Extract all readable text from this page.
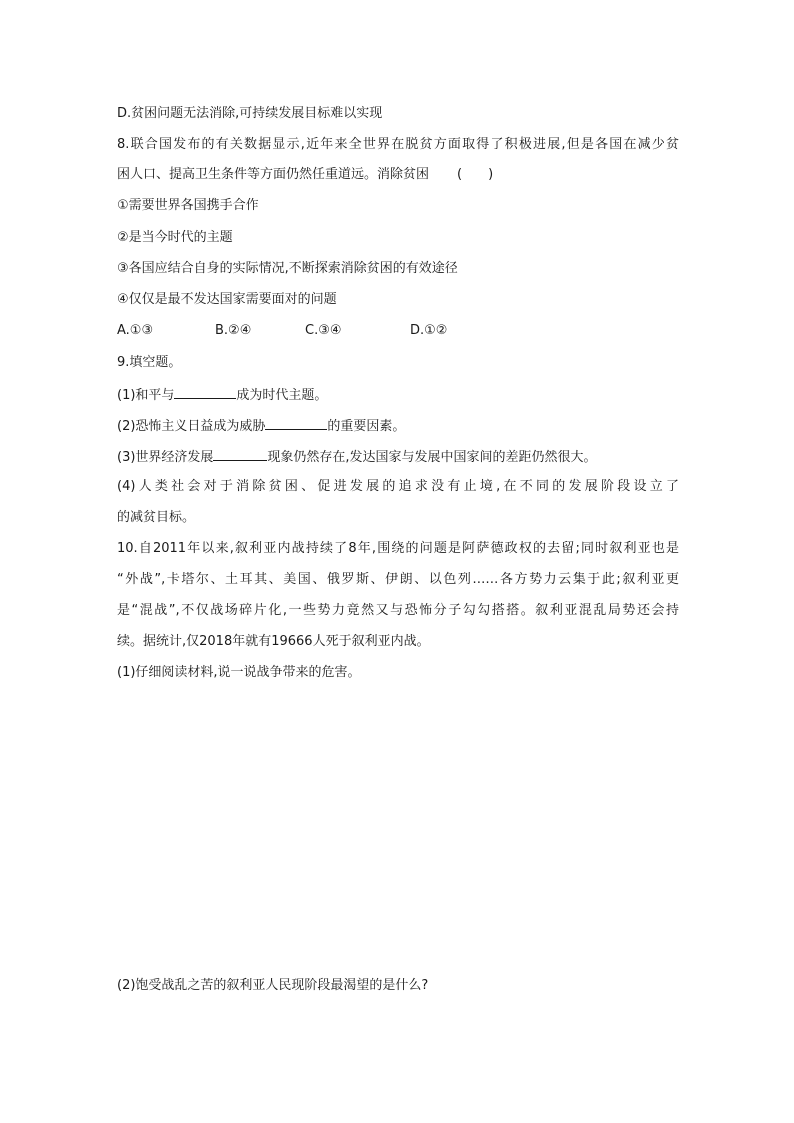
D.贫困问题无法消除,可持续发展目标难以实现
8.联合国发布的有关数据显示,近年来全世界在脱贫方面取得了积极进展,但是各国在减少贫
困人口、提高卫生条件等方面仍然任重道远。消除贫困 (　　)
①需要世界各国携手合作
②是当今时代的主题
③各国应结合自身的实际情况,不断探索消除贫困的有效途径
④仅仅是最不发达国家需要面对的问题
A.①③	B.②④	C.③④	D.①②
9.填空题。
(1)和平与	成为时代主题。
(2)恐怖主义日益成为威胁	的重要因素。
(3)世界经济发展	现象仍然存在,发达国家与发展中国家间的差距仍然很大。
(4)人类社会对于消除贫困、促进发展的追求没有止境,在不同的发展阶段设立了
的减贫目标。
10.自2011年以来,叙利亚内战持续了8年,围绕的问题是阿萨德政权的去留;同时叙利亚也是
“外战”,卡塔尔、土耳其、美国、俄罗斯、伊朗、以色列……各方势力云集于此;叙利亚更
是“混战”,不仅战场碎片化,一些势力竟然又与恐怖分子勾勾搭搭。叙利亚混乱局势还会持
续。据统计,仅2018年就有19666人死于叙利亚内战。
(1)仔细阅读材料,说一说战争带来的危害。
(2)饱受战乱之苦的叙利亚人民现阶段最渴望的是什么?
